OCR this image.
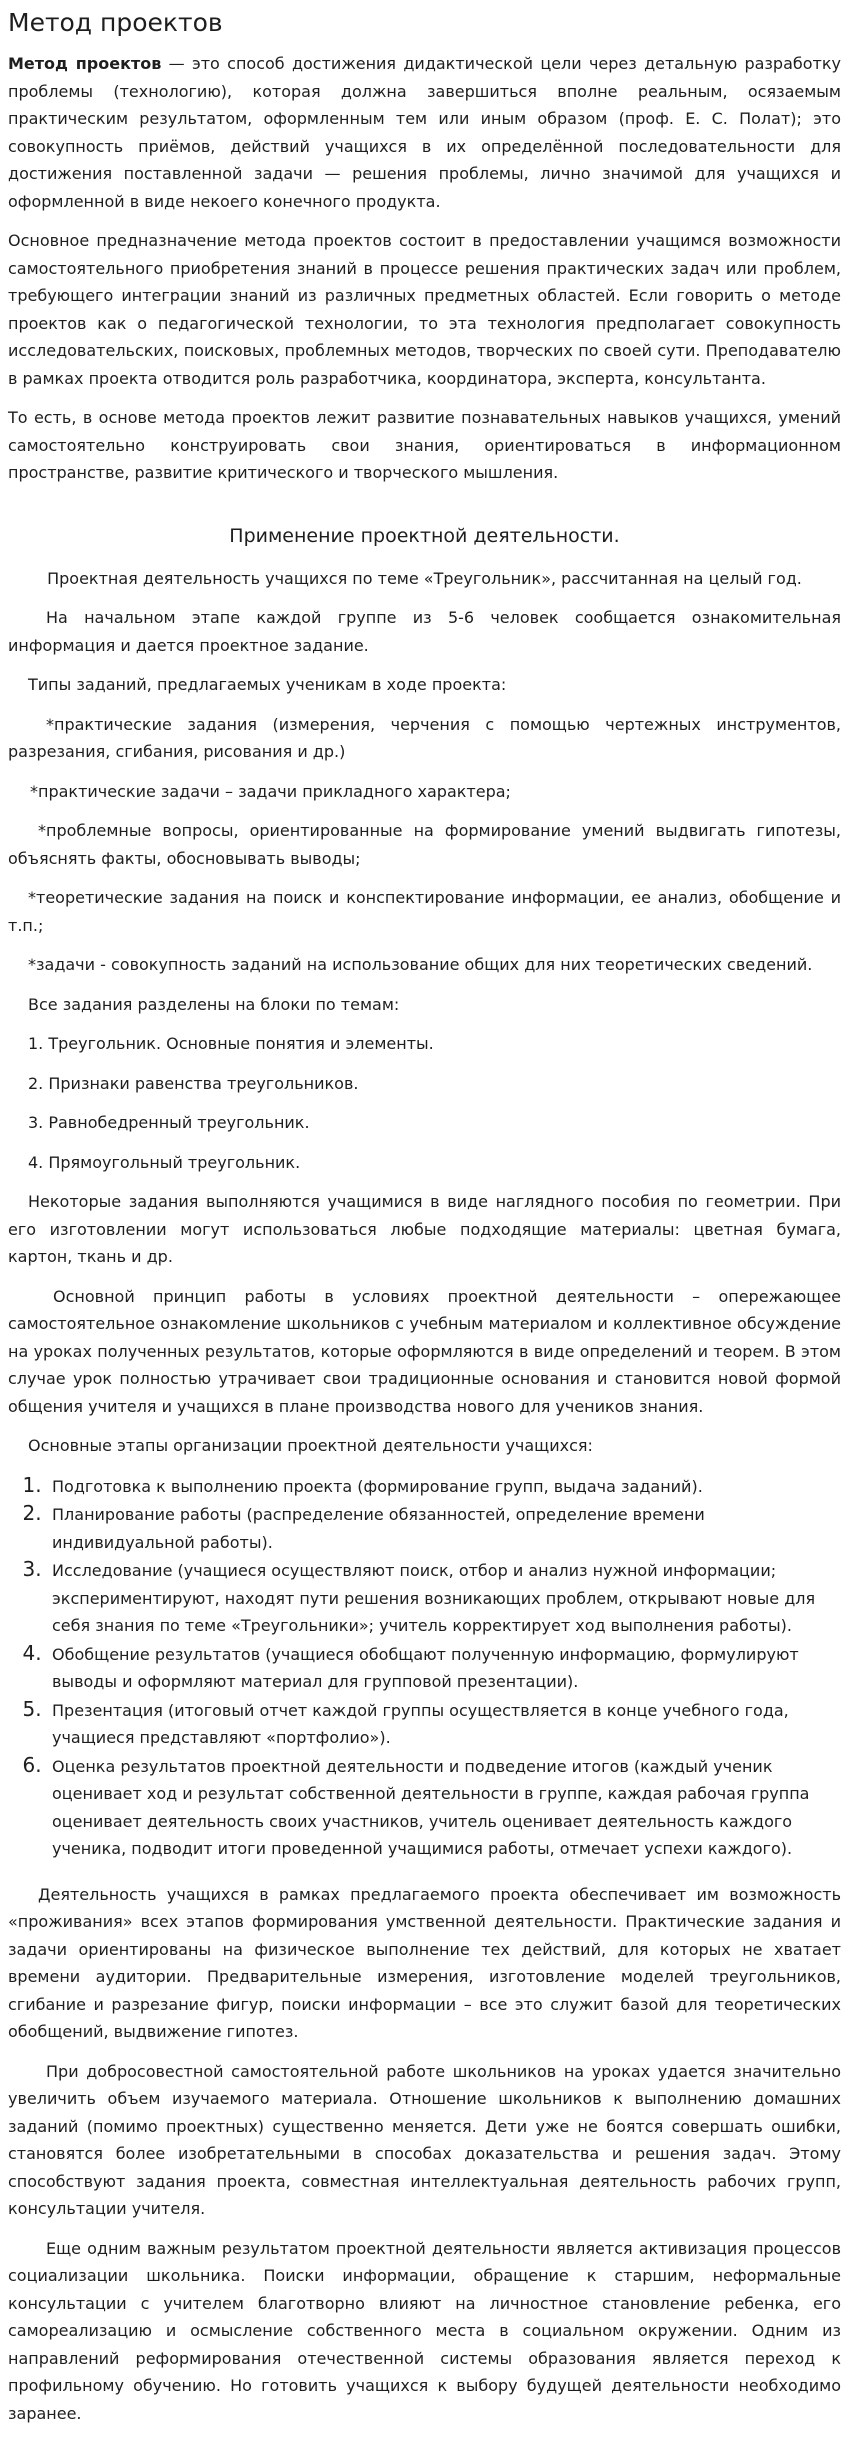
Метод проектов

Метод проектов — это способ достижения дидактической цели через детальную разработку проблемы (технологию), которая должна завершиться вполне реальным, осязаемым практическим результатом, оформленным тем или иным образом (проф. Е. С. Полат); это совокупность приёмов, действий учащихся в их определённой последовательности для достижения поставленной задачи — решения проблемы, лично значимой для учащихся и оформленной в виде некоего конечного продукта.

Основное предназначение метода проектов состоит в предоставлении учащимся возможности самостоятельного приобретения знаний в процессе решения практических задач или проблем, требующего интеграции знаний из различных предметных областей. Если говорить о методе проектов как о педагогической технологии, то эта технология предполагает совокупность исследовательских, поисковых, проблемных методов, творческих по своей сути. Преподавателю в рамках проекта отводится роль разработчика, координатора, эксперта, консультанта.

То есть, в основе метода проектов лежит развитие познавательных навыков учащихся, умений самостоятельно конструировать свои знания, ориентироваться в информационном пространстве, развитие критического и творческого мышления.

Применение проектной деятельности.

Проектная деятельность учащихся по теме «Треугольник», рассчитанная на целый год.

На начальном этапе каждой группе из 5-6 человек сообщается ознакомительная информация и дается проектное задание.

Типы заданий, предлагаемых ученикам в ходе проекта:

*практические задания (измерения, черчения с помощью чертежных инструментов, разрезания, сгибания, рисования и др.)

*практические задачи – задачи прикладного характера;

*проблемные вопросы, ориентированные на формирование умений выдвигать гипотезы, объяснять факты, обосновывать выводы;

*теоретические задания на поиск и конспектирование информации, ее анализ, обобщение и т.п.;

*задачи - совокупность заданий на использование общих для них теоретических сведений.

Все задания разделены на блоки по темам:

1. Треугольник. Основные понятия и элементы.

2. Признаки равенства треугольников.

3. Равнобедренный треугольник.

4. Прямоугольный треугольник.

Некоторые задания выполняются учащимися в виде наглядного пособия по геометрии. При его изготовлении могут использоваться любые подходящие материалы: цветная бумага, картон, ткань и др.

Основной принцип работы в условиях проектной деятельности – опережающее самостоятельное ознакомление школьников с учебным материалом и коллективное обсуждение на уроках полученных результатов, которые оформляются в виде определений и теорем. В этом случае урок полностью утрачивает свои традиционные основания и становится новой формой общения учителя и учащихся в плане производства нового для учеников знания.

Основные этапы организации проектной деятельности учащихся:

1. Подготовка к выполнению проекта (формирование групп, выдача заданий).
2. Планирование работы (распределение обязанностей, определение времени индивидуальной работы).
3. Исследование (учащиеся осуществляют поиск, отбор и анализ нужной информации; экспериментируют, находят пути решения возникающих проблем, открывают новые для себя знания по теме «Треугольники»; учитель корректирует ход выполнения работы).
4. Обобщение результатов (учащиеся обобщают полученную информацию, формулируют выводы и оформляют материал для групповой презентации).
5. Презентация (итоговый отчет каждой группы осуществляется в конце учебного года, учащиеся представляют «портфолио»).
6. Оценка результатов проектной деятельности и подведение итогов (каждый ученик оценивает ход и результат собственной деятельности в группе, каждая рабочая группа оценивает деятельность своих участников, учитель оценивает деятельность каждого ученика, подводит итоги проведенной учащимися работы, отмечает успехи каждого).

Деятельность учащихся в рамках предлагаемого проекта обеспечивает им возможность «проживания» всех этапов формирования умственной деятельности. Практические задания и задачи ориентированы на физическое выполнение тех действий, для которых не хватает времени аудитории. Предварительные измерения, изготовление моделей треугольников, сгибание и разрезание фигур, поиски информации – все это служит базой для теоретических обобщений, выдвижение гипотез.

При добросовестной самостоятельной работе школьников на уроках удается значительно увеличить объем изучаемого материала. Отношение школьников к выполнению домашних заданий (помимо проектных) существенно меняется. Дети уже не боятся совершать ошибки, становятся более изобретательными в способах доказательства и решения задач. Этому способствуют задания проекта, совместная интеллектуальная деятельность рабочих групп, консультации учителя.

Еще одним важным результатом проектной деятельности является активизация процессов социализации школьника. Поиски информации, обращение к старшим, неформальные консультации с учителем благотворно влияют на личностное становление ребенка, его самореализацию и осмысление собственного места в социальном окружении. Одним из направлений реформирования отечественной системы образования является переход к профильному обучению. Но готовить учащихся к выбору будущей деятельности необходимо заранее.
